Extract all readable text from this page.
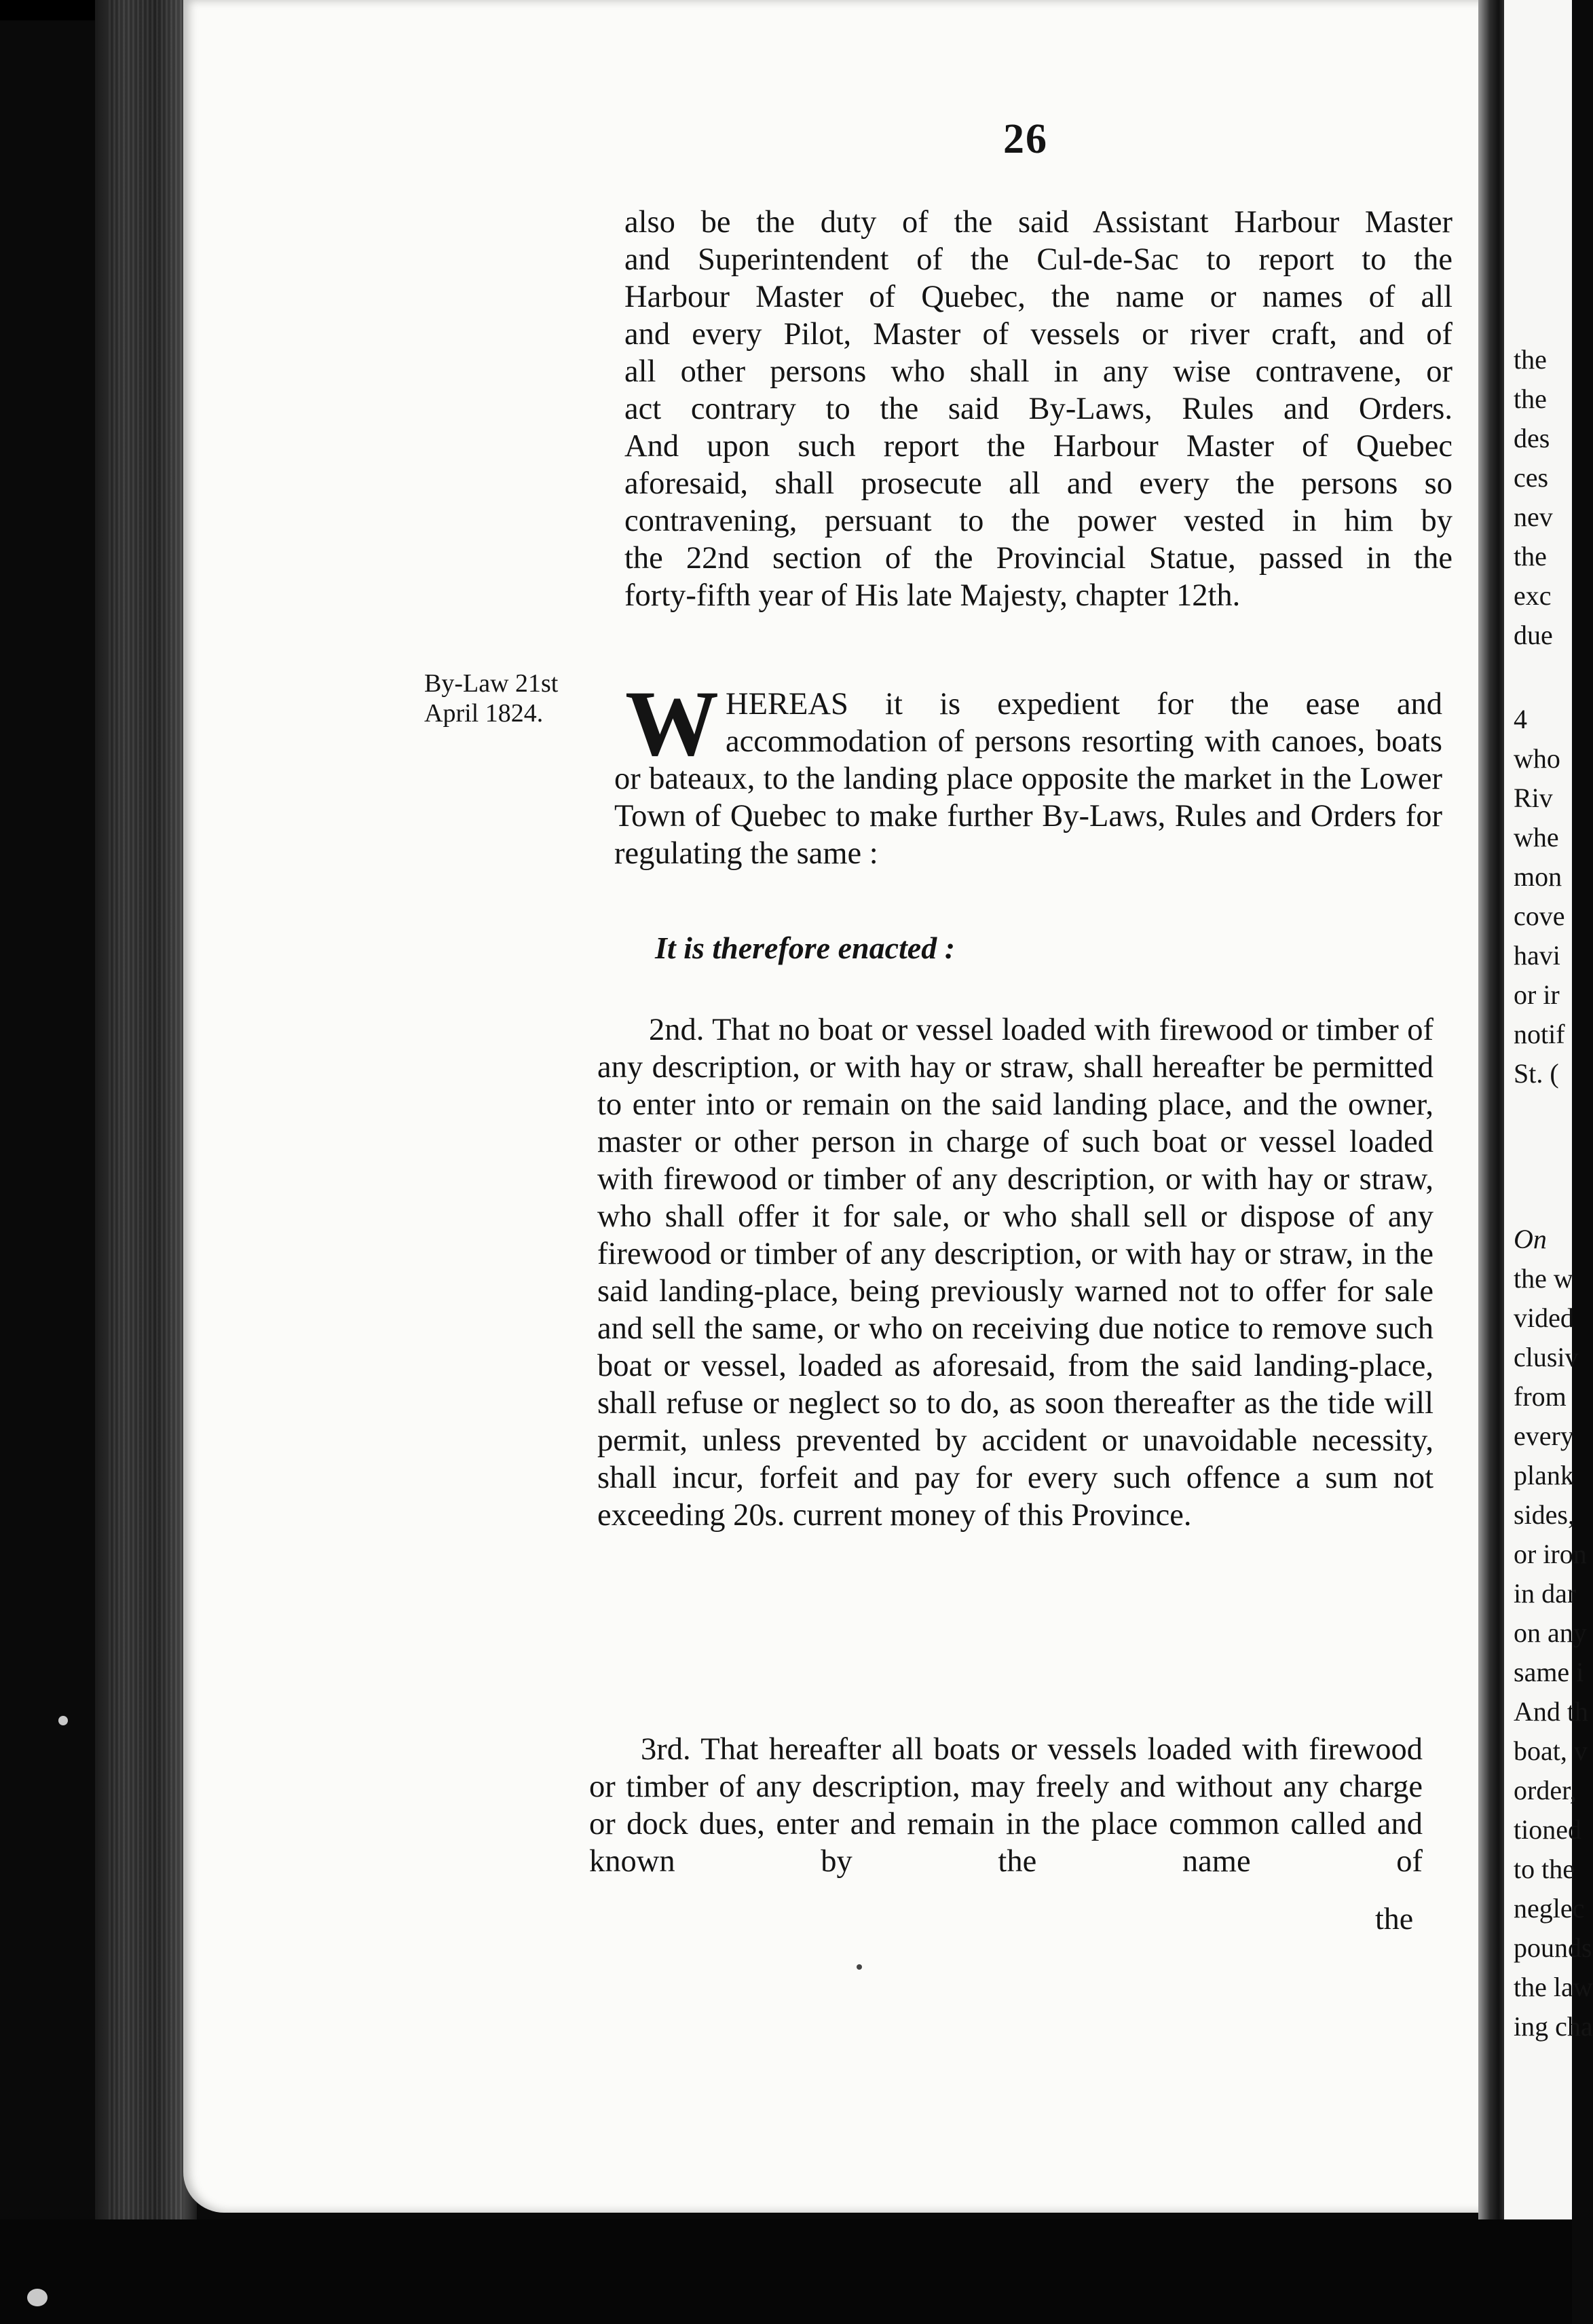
the
the
des
ces
nev
the
exc
due
4
who
Riv
whe
mon
cove
havi
or ir
notif
St. (
On
the w
vided
clusiv
from
every
plank
sides,
or iron
in dar
on any
same i
And th
boat, v
order,
tioned
to the
neglec
pounds
the law
ing cha
26

also be the duty of the said Assistant Harbour Master

and Superintendent of the Cul-de-Sac to report to the

Harbour Master of Quebec, the name or names of all

and every Pilot, Master of vessels or river craft, and of

all other persons who shall in any wise contravene, or

act contrary to the said By-Laws, Rules and Orders.

And upon such report the Harbour Master of Quebec

aforesaid, shall prosecute all and every the persons so

contravening, persuant to the power vested in him by

the 22nd section of the Provincial Statue, passed in the

forty-fifth year of His late Majesty, chapter 12th.

By-Law 21st
April 1824. W HEREAS it is expedient for the ease and accommodation of persons resorting with canoes, boats or bateaux, to the landing place opposite the market in the Lower Town of Quebec to make further By-Laws, Rules and Orders for regulating the same :
It is therefore enacted :
2nd. That no boat or vessel loaded with firewood or timber of any description, or with hay or straw, shall hereafter be permitted to enter into or remain on the said landing place, and the owner, master or other person in charge of such boat or vessel loaded with firewood or timber of any description, or with hay or straw, who shall offer it for sale, or who shall sell or dispose of any firewood or timber of any description, or with hay or straw, in the said landing-place, being previously warned not to offer for sale and sell the same, or who on receiving due notice to remove such boat or vessel, loaded as aforesaid, from the said landing-place, shall refuse or neglect so to do, as soon thereafter as the tide will permit, unless prevented by accident or unavoidable necessity, shall incur, forfeit and pay for every such offence a sum not exceeding 20s. current money of this Province.
3rd. That hereafter all boats or vessels loaded with firewood or timber of any description, may freely and without any charge or dock dues, enter and remain in the place common called and known by the name of
the
